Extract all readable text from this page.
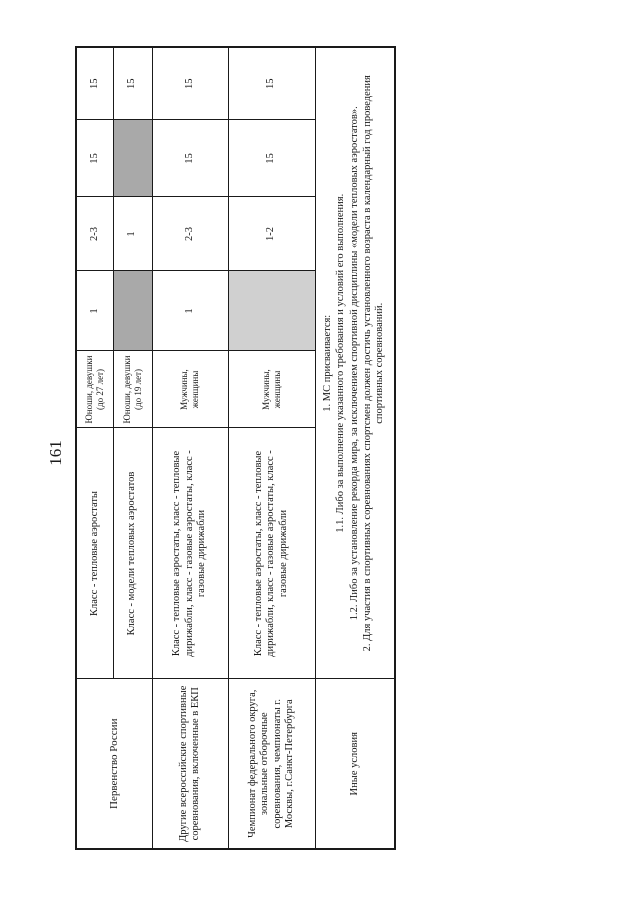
161
Первенство России	Класс - тепловые аэростаты	Юноши, девушки (до 27 лет)	1	2-3	15	15
	Класс - модели тепловых аэростатов	Юноши, девушки (до 19 лет)		1		15
Другие всероссийские спортивные соревнования, включенные в ЕКП	Класс - тепловые аэростаты, класс - тепловые дирижабли, класс - газовые аэростаты, класс - газовые дирижабли	Мужчины, женщины	1	2-3	15	15
Чемпионат федерального округа, зональные отборочные соревнования, чемпионаты г. Москвы, г.Санкт-Петербурга	Класс - тепловые аэростаты, класс - тепловые дирижабли, класс - газовые аэростаты, класс - газовые дирижабли	Мужчины, женщины		1-2	15	15
Иные условия	1. МС присваивается: 1.1. Либо за выполнение указанного требования и условий его выполнения. 1.2. Либо за установление рекорда мира, за исключением спортивной дисциплины «модели тепловых аэростатов». 2. Для участия в спортивных соревнованиях спортсмен должен достичь установленного возраста в календарный год проведения спортивных соревнований.					
